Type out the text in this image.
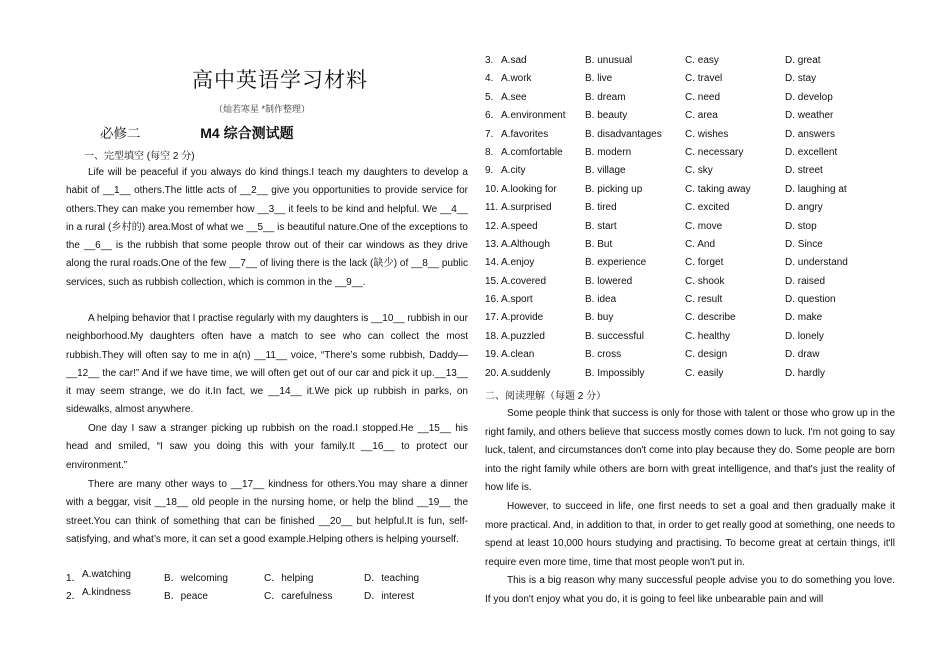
高中英语学习材料
（灿若寒星 *制作整理）
必修二	M4 综合测试题
一、完型填空 (每空 2 分)
Life will be peaceful if you always do kind things.I teach my daughters to develop a habit of __1__ others.The little acts of __2__ give you opportunities to provide service for others.They can make you remember how __3__ it feels to be kind and helpful. We __4__ in a rural (乡村的) area.Most of what we __5__ is beautiful nature.One of the exceptions to the __6__ is the rubbish that some people throw out of their car windows as they drive along the rural roads.One of the few __7__ of living there is the lack (缺少) of __8__ public services, such as rubbish collection, which is common in the __9__.
A helping behavior that I practise regularly with my daughters is __10__ rubbish in our neighborhood.My daughters often have a match to see who can collect the most rubbish.They will often say to me in a(n) __11__ voice, “There’s some rubbish, Daddy—__12__ the car!” And if we have time, we will often get out of our car and pick it up.__13__ it may seem strange, we do it.In fact, we __14__ it.We pick up rubbish in parks, on sidewalks, almost anywhere.
One day I saw a stranger picking up rubbish on the road.I stopped.He __15__ his head and smiled, “I saw you doing this with your family.It __16__ to protect our environment.”
There are many other ways to __17__ kindness for others.You may share a dinner with a beggar, visit __18__ old people in the nursing home, or help the blind __19__ the street.You can think of something that can be finished __20__ but helpful.It is fun, self-satisfying, and what’s more, it can set a good example.Helping others is helping yourself.
1． A.watching	B．welcoming	C．helping	D．teaching
2． A.kindness	B．peace	C．carefulness	D．interest
3. A.sad	B. unusual	C. easy	D. great
4. A.work	B. live	C. travel	D. stay
5. A.see	B. dream	C. need	D. develop
6. A.environment B. beauty	C. area	D. weather
7. A.favorites	B. disadvantages C. wishes	D. answers
8. A.comfortable B. modern	C. necessary	D. excellent
9. A.city	B. village	C. sky	D. street
10. A.looking for	B. picking up	C. taking away	D. laughing at
11. A.surprised	B. tired	C. excited	D. angry
12. A.speed	B. start	C. move	D. stop
13. A.Although	B. But	C. And	D. Since
14. A.enjoy	B. experience	C. forget	D. understand
15. A.covered	B. lowered	C. shook	D. raised
16. A.sport	B. idea	C. result	D. question
17. A.provide	B. buy	C. describe	D. make
18. A.puzzled	B. successful	C. healthy	D. lonely
19. A.clean	B. cross	C. design	D. draw
20. A.suddenly	B. Impossibly	C. easily	D. hardly
二、阅读理解（每题 2 分）
Some people think that success is only for those with talent or those who grow up in the right family, and others believe that success mostly comes down to luck. I'm not going to say luck, talent, and circumstances don't come into play because they do. Some people are born into the right family while others are born with great intelligence, and that's just the reality of how life is.
However, to succeed in life, one first needs to set a goal and then gradually make it more practical. And, in addition to that, in order to get really good at something, one needs to spend at least 10,000 hours studying and practising. To become great at certain things, it'll require even more time, time that most people won't put in.
This is a big reason why many successful people advise you to do something you love. If you don't enjoy what you do, it is going to feel like unbearable pain and will
